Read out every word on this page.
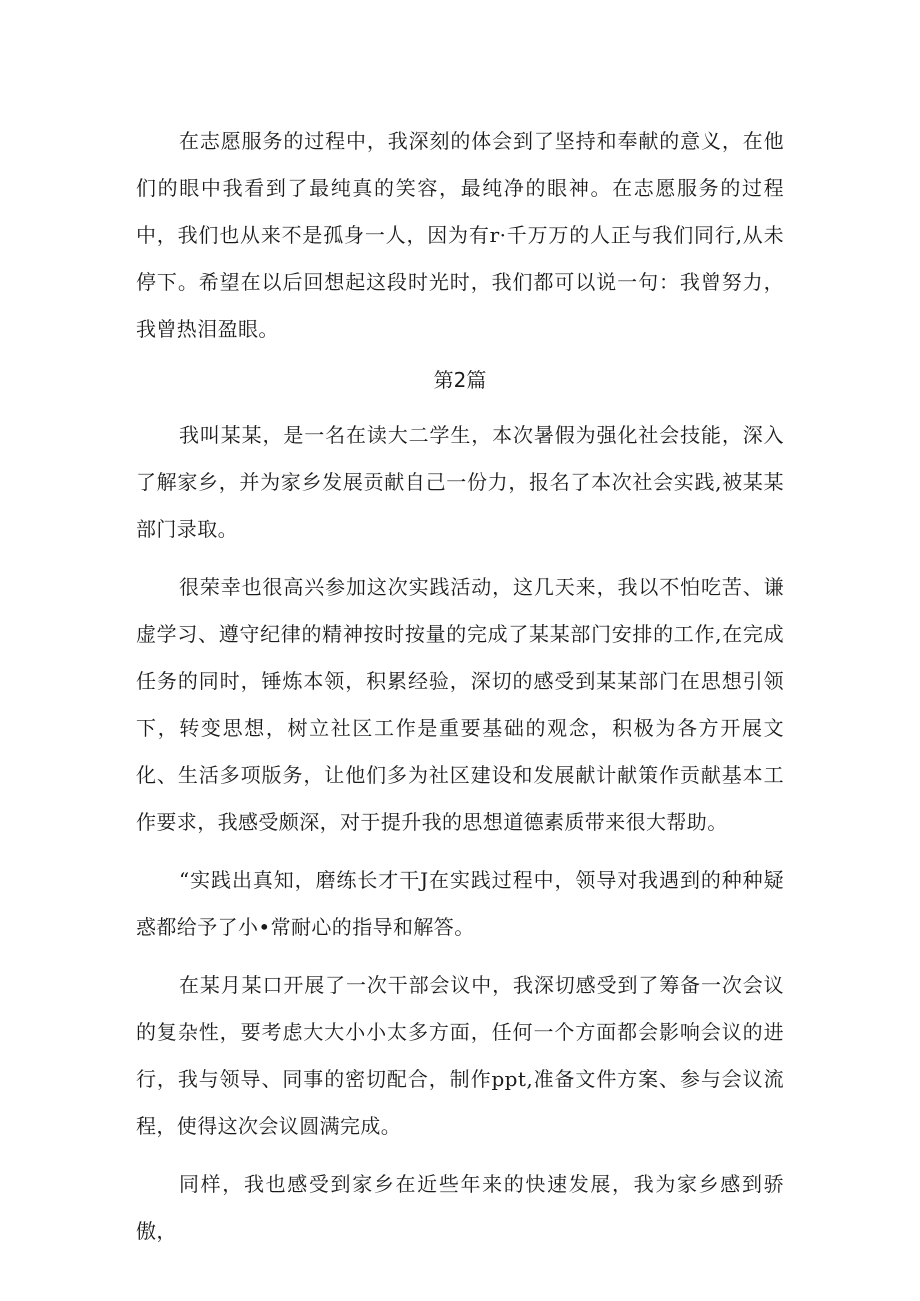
在志愿服务的过程中，我深刻的体会到了坚持和奉献的意义，在他们的眼中我看到了最纯真的笑容，最纯净的眼神。在志愿服务的过程中，我们也从来不是孤身一人，因为有r·千万万的人正与我们同行,从未停下。希望在以后回想起这段时光时，我们都可以说一句：我曾努力，我曾热泪盈眼。

第2篇

我叫某某，是一名在读大二学生，本次暑假为强化社会技能，深入了解家乡，并为家乡发展贡献自己一份力，报名了本次社会实践,被某某部门录取。

很荣幸也很高兴参加这次实践活动，这几天来，我以不怕吃苦、谦虚学习、遵守纪律的精神按时按量的完成了某某部门安排的工作,在完成任务的同时，锤炼本领，积累经验，深切的感受到某某部门在思想引领下，转变思想，树立社区工作是重要基础的观念，积极为各方开展文化、生活多项版务，让他们多为社区建设和发展献计献策作贡献基本工作要求，我感受颇深，对于提升我的思想道德素质带来很大帮助。

“实践出真知，磨练长才干J在实践过程中，领导对我遇到的种种疑惑都给予了小•常耐心的指导和解答。

在某月某口开展了一次干部会议中，我深切感受到了筹备一次会议的复杂性，要考虑大大小小太多方面，任何一个方面都会影响会议的进行，我与领导、同事的密切配合，制作ppt,准备文件方案、参与会议流程，使得这次会议圆满完成。

同样，我也感受到家乡在近些年来的快速发展，我为家乡感到骄傲，
